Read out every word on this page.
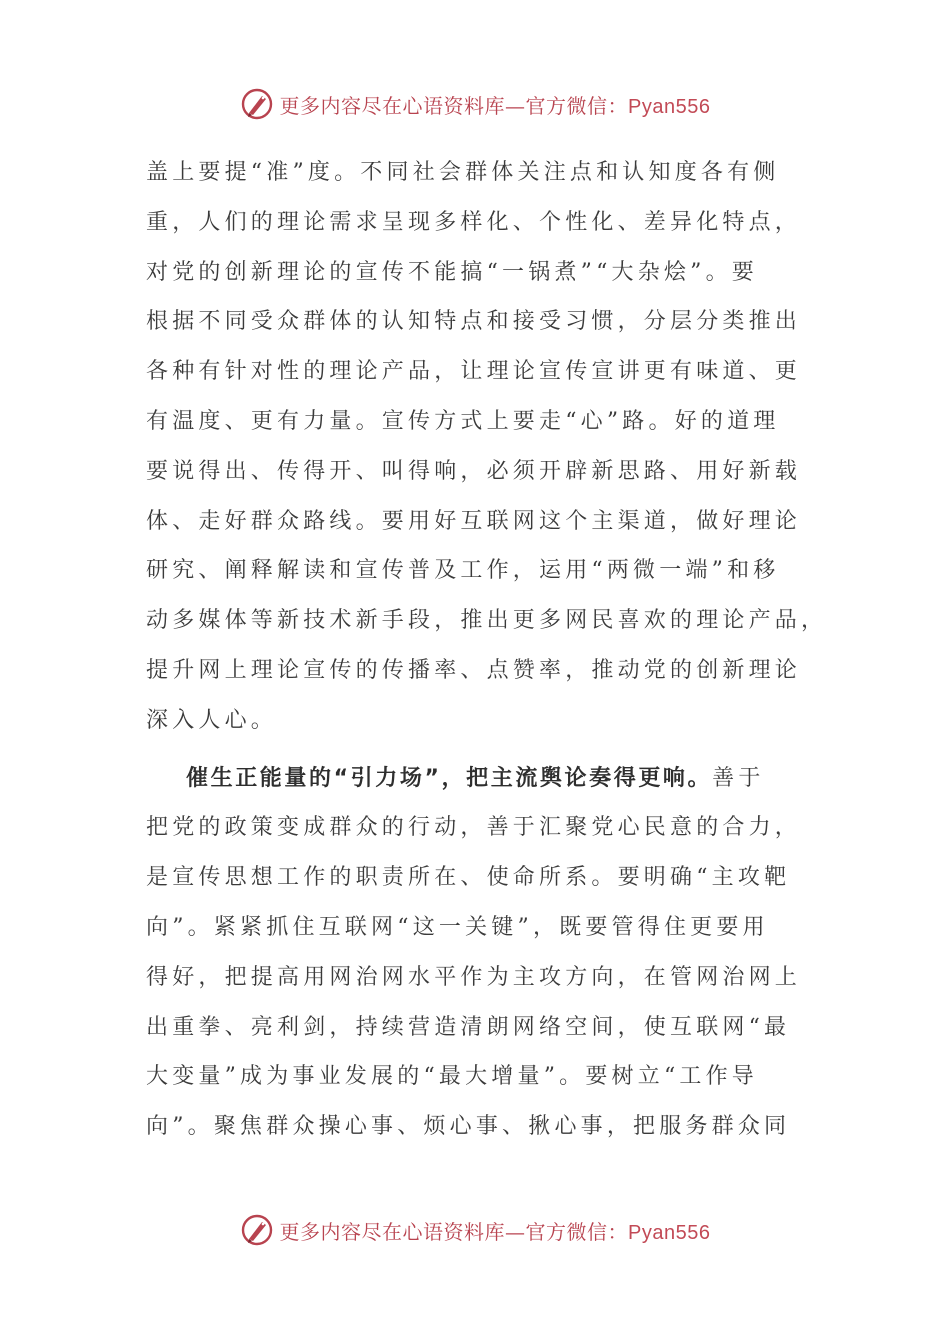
更多内容尽在心语资料库—官方微信：Pyan556
盖上要提“准”度。不同社会群体关注点和认知度各有侧
重，人们的理论需求呈现多样化、个性化、差异化特点，
对党的创新理论的宣传不能搞“一锅煮”“大杂烩”。要
根据不同受众群体的认知特点和接受习惯，分层分类推出
各种有针对性的理论产品，让理论宣传宣讲更有味道、更
有温度、更有力量。宣传方式上要走“心”路。好的道理
要说得出、传得开、叫得响，必须开辟新思路、用好新载
体、走好群众路线。要用好互联网这个主渠道，做好理论
研究、阐释解读和宣传普及工作，运用“两微一端”和移
动多媒体等新技术新手段，推出更多网民喜欢的理论产品，
提升网上理论宣传的传播率、点赞率，推动党的创新理论
深入人心。
催生正能量的“引力场”，把主流舆论奏得更响。善于
把党的政策变成群众的行动，善于汇聚党心民意的合力，
是宣传思想工作的职责所在、使命所系。要明确“主攻靶
向”。紧紧抓住互联网“这一关键”，既要管得住更要用
得好，把提高用网治网水平作为主攻方向，在管网治网上
出重拳、亮利剑，持续营造清朗网络空间，使互联网“最
大变量”成为事业发展的“最大增量”。要树立“工作导
向”。聚焦群众操心事、烦心事、揪心事，把服务群众同
更多内容尽在心语资料库—官方微信：Pyan556
